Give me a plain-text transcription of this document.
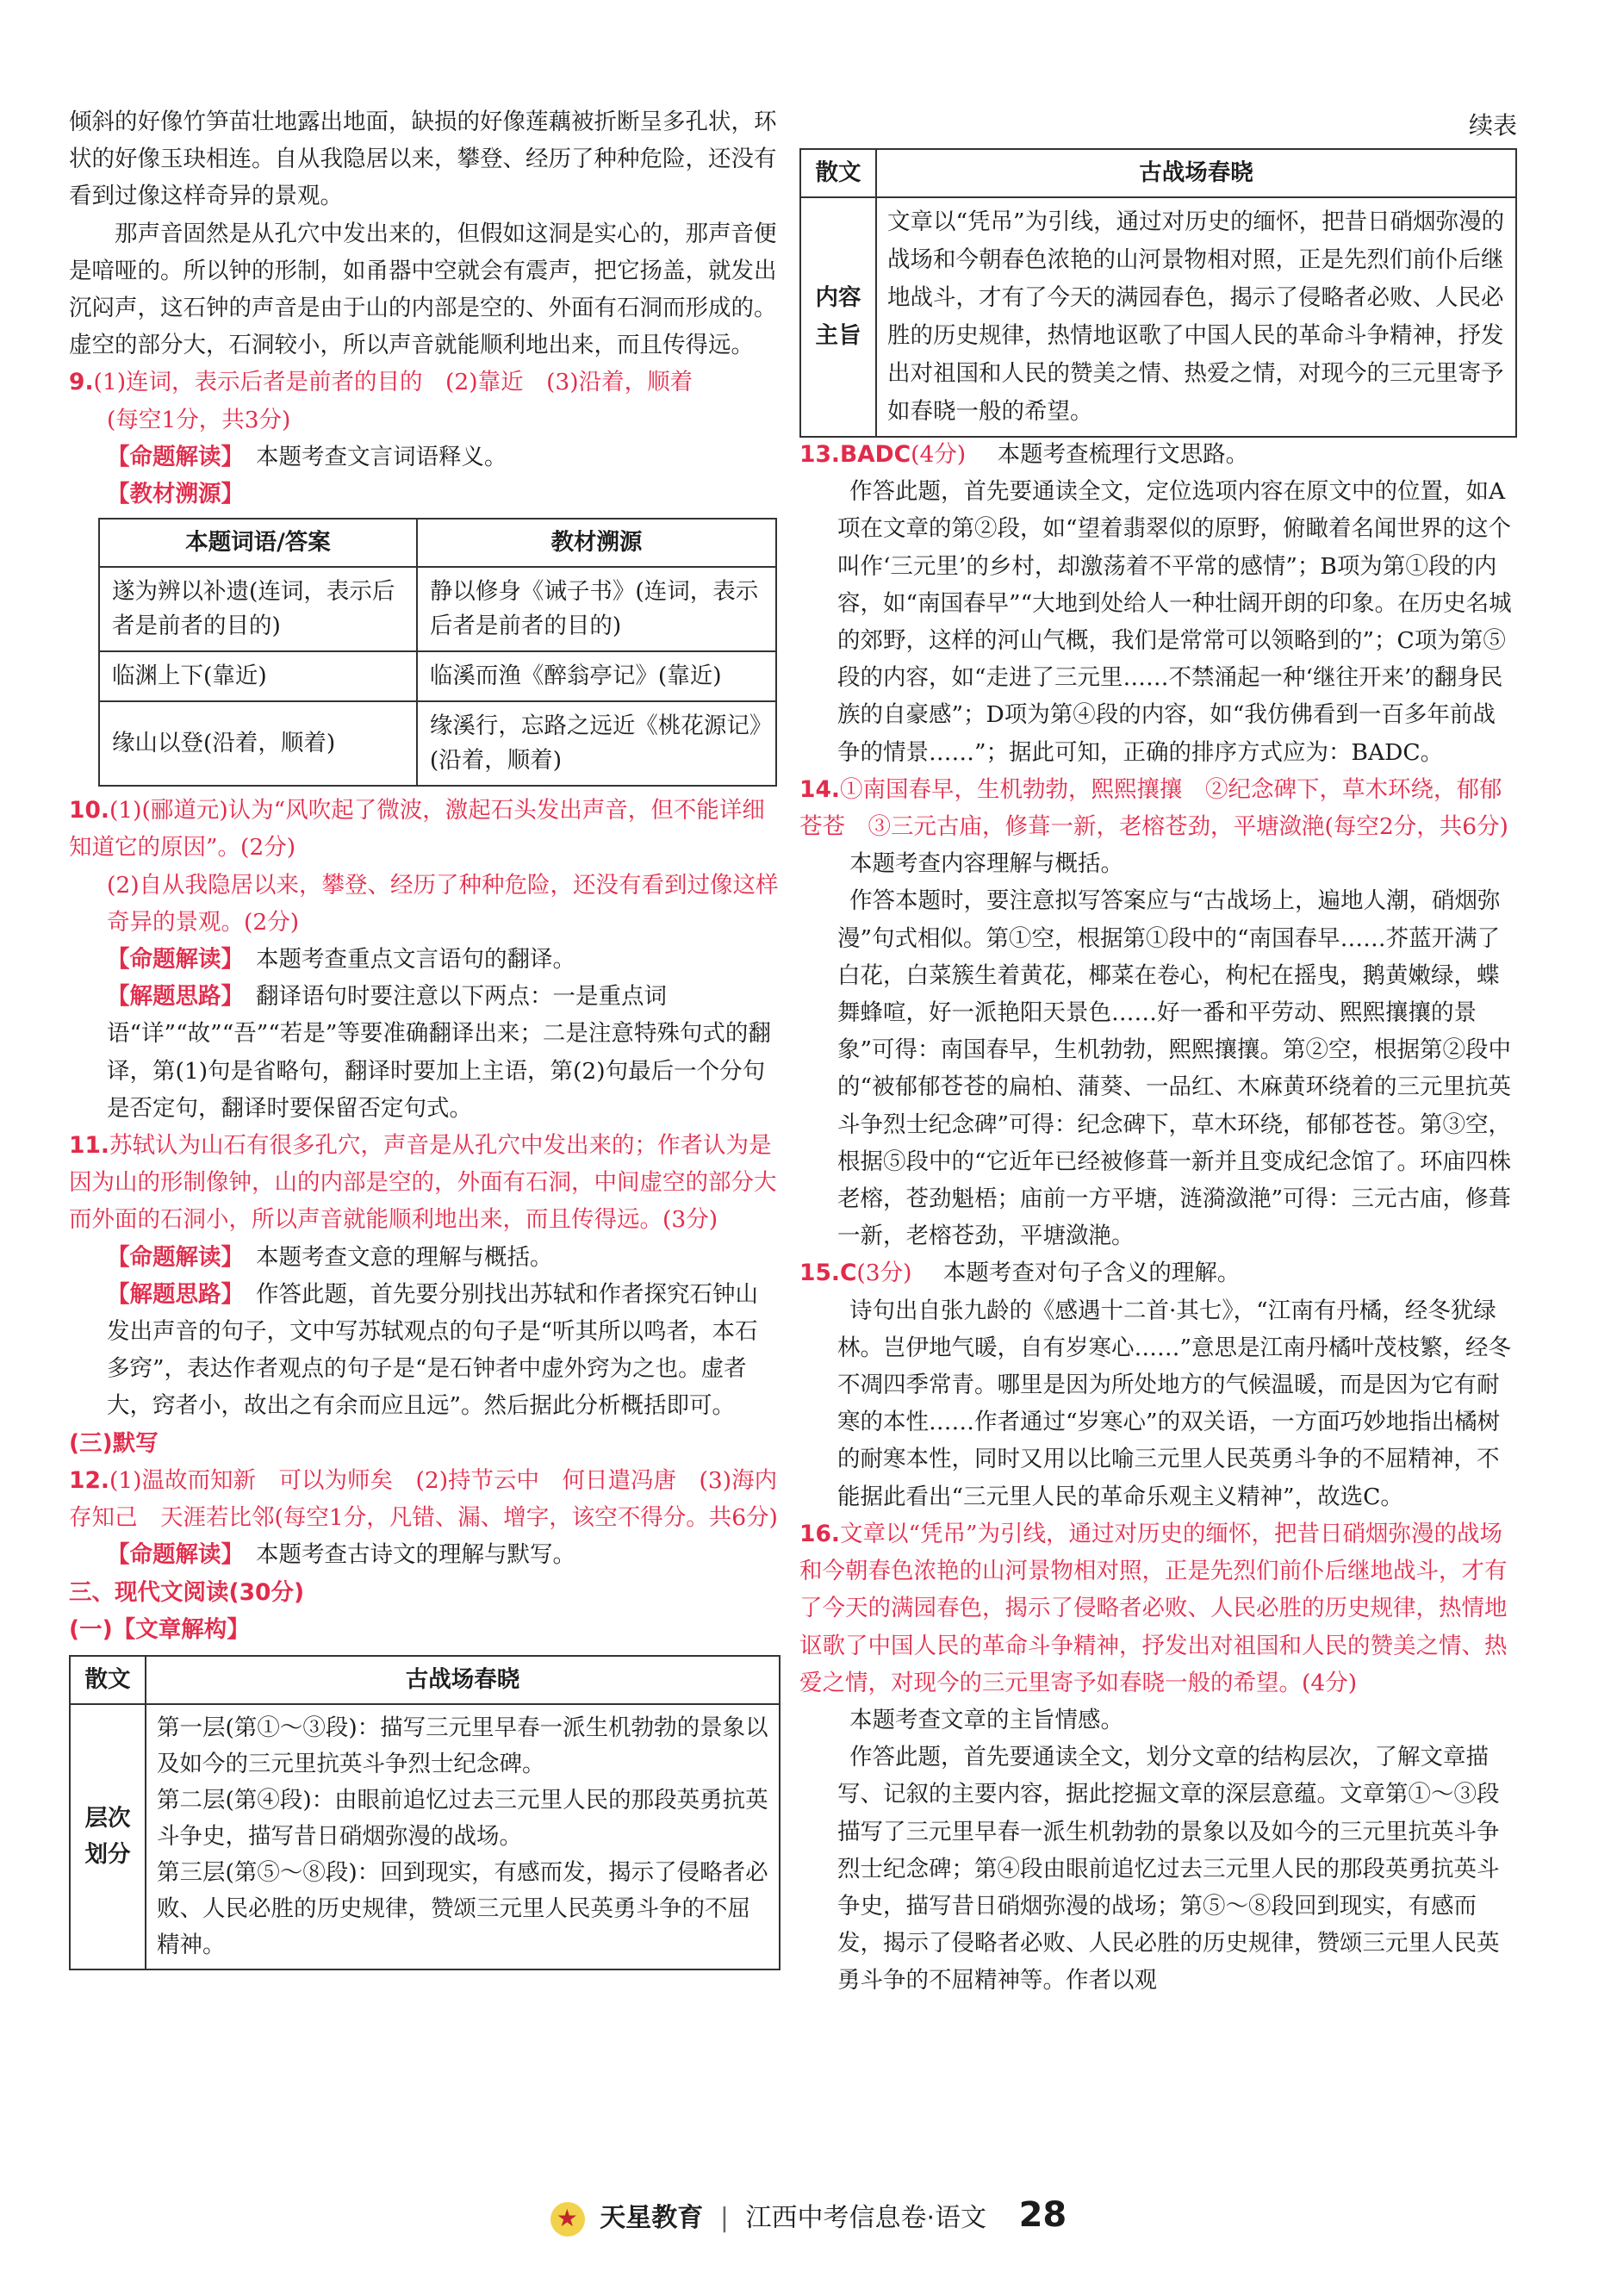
倾斜的好像竹笋苗壮地露出地面，缺损的好像莲藕被折断呈多孔状，环状的好像玉玦相连。自从我隐居以来，攀登、经历了种种危险，还没有看到过像这样奇异的景观。

那声音固然是从孔穴中发出来的，但假如这洞是实心的，那声音便是喑哑的。所以钟的形制，如甬器中空就会有震声，把它扬盖，就发出沉闷声，这石钟的声音是由于山的内部是空的、外面有石洞而形成的。虚空的部分大，石洞较小，所以声音就能顺利地出来，而且传得远。

9.(1)连词，表示后者是前者的目的　(2)靠近　(3)沿着，顺着
(每空1分，共3分)
【命题解读】 本题考查文言词语释义。
【教材溯源】
本题词语/答案	教材溯源
遂为辨以补遗(连词，表示后者是前者的目的)	静以修身《诫子书》(连词，表示后者是前者的目的)
临渊上下(靠近)	临溪而渔《醉翁亭记》(靠近)
缘山以登(沿着，顺着)	缘溪行，忘路之远近《桃花源记》(沿着，顺着)
10.(1)(郦道元)认为“风吹起了微波，激起石头发出声音，但不能详细知道它的原因”。(2分)
(2)自从我隐居以来，攀登、经历了种种危险，还没有看到过像这样奇异的景观。(2分)
【命题解读】 本题考查重点文言语句的翻译。
【解题思路】 翻译语句时要注意以下两点：一是重点词语“详”“故”“吾”“若是”等要准确翻译出来；二是注意特殊句式的翻译，第(1)句是省略句，翻译时要加上主语，第(2)句最后一个分句是否定句，翻译时要保留否定句式。
11.苏轼认为山石有很多孔穴，声音是从孔穴中发出来的；作者认为是因为山的形制像钟，山的内部是空的，外面有石洞，中间虚空的部分大而外面的石洞小，所以声音就能顺利地出来，而且传得远。(3分)
【命题解读】 本题考查文意的理解与概括。
【解题思路】 作答此题，首先要分别找出苏轼和作者探究石钟山发出声音的句子，文中写苏轼观点的句子是“听其所以鸣者，本石多窍”，表达作者观点的句子是“是石钟者中虚外窍为之也。虚者大，窍者小，故出之有余而应且远”。然后据此分析概括即可。
(三)默写
12.(1)温故而知新　可以为师矣　(2)持节云中　何日遣冯唐　(3)海内存知己　天涯若比邻(每空1分，凡错、漏、增字，该空不得分。共6分)
【命题解读】 本题考查古诗文的理解与默写。
三、现代文阅读(30分)
(一)【文章解构】
散文	古战场春晓
层次划分	第一层(第①～③段)：描写三元里早春一派生机勃勃的景象以及如今的三元里抗英斗争烈士纪念碑。
第二层(第④段)：由眼前追忆过去三元里人民的那段英勇抗英斗争史，描写昔日硝烟弥漫的战场。
第三层(第⑤～⑧段)：回到现实，有感而发，揭示了侵略者必败、人民必胜的历史规律，赞颂三元里人民英勇斗争的不屈精神。
续表
散文	古战场春晓
内容主旨	文章以“凭吊”为引线，通过对历史的缅怀，把昔日硝烟弥漫的战场和今朝春色浓艳的山河景物相对照，正是先烈们前仆后继地战斗，才有了今天的满园春色，揭示了侵略者必败、人民必胜的历史规律，热情地讴歌了中国人民的革命斗争精神，抒发出对祖国和人民的赞美之情、热爱之情，对现今的三元里寄予如春晓一般的希望。
13.BADC(4分) 本题考查梳理行文思路。
作答此题，首先要通读全文，定位选项内容在原文中的位置，如A项在文章的第②段，如“望着翡翠似的原野，俯瞰着名闻世界的这个叫作‘三元里’的乡村，却激荡着不平常的感情”；B项为第①段的内容，如“南国春早”“大地到处给人一种壮阔开朗的印象。在历史名城的郊野，这样的河山气概，我们是常常可以领略到的”；C项为第⑤段的内容，如“走进了三元里……不禁涌起一种‘继往开来’的翻身民族的自豪感”；D项为第④段的内容，如“我仿佛看到一百多年前战争的情景……”；据此可知，正确的排序方式应为：BADC。
14.①南国春早，生机勃勃，熙熙攘攘　②纪念碑下，草木环绕，郁郁苍苍　③三元古庙，修葺一新，老榕苍劲，平塘潋滟(每空2分，共6分)
本题考查内容理解与概括。
作答本题时，要注意拟写答案应与“古战场上，遍地人潮，硝烟弥漫”句式相似。第①空，根据第①段中的“南国春早……芥蓝开满了白花，白菜簇生着黄花，椰菜在卷心，枸杞在摇曳，鹅黄嫩绿，蝶舞蜂喧，好一派艳阳天景色……好一番和平劳动、熙熙攘攘的景象”可得：南国春早，生机勃勃，熙熙攘攘。第②空，根据第②段中的“被郁郁苍苍的扁柏、蒲葵、一品红、木麻黄环绕着的三元里抗英斗争烈士纪念碑”可得：纪念碑下，草木环绕，郁郁苍苍。第③空，根据⑤段中的“它近年已经被修葺一新并且变成纪念馆了。环庙四株老榕，苍劲魁梧；庙前一方平塘，涟漪潋滟”可得：三元古庙，修葺一新，老榕苍劲，平塘潋滟。
15.C(3分) 本题考查对句子含义的理解。
诗句出自张九龄的《感遇十二首·其七》，“江南有丹橘，经冬犹绿林。岂伊地气暖，自有岁寒心……”意思是江南丹橘叶茂枝繁，经冬不凋四季常青。哪里是因为所处地方的气候温暖，而是因为它有耐寒的本性……作者通过“岁寒心”的双关语，一方面巧妙地指出橘树的耐寒本性，同时又用以比喻三元里人民英勇斗争的不屈精神，不能据此看出“三元里人民的革命乐观主义精神”，故选C。
16.文章以“凭吊”为引线，通过对历史的缅怀，把昔日硝烟弥漫的战场和今朝春色浓艳的山河景物相对照，正是先烈们前仆后继地战斗，才有了今天的满园春色，揭示了侵略者必败、人民必胜的历史规律，热情地讴歌了中国人民的革命斗争精神，抒发出对祖国和人民的赞美之情、热爱之情，对现今的三元里寄予如春晓一般的希望。(4分)
本题考查文章的主旨情感。
作答此题，首先要通读全文，划分文章的结构层次，了解文章描写、记叙的主要内容，据此挖掘文章的深层意蕴。文章第①～③段描写了三元里早春一派生机勃勃的景象以及如今的三元里抗英斗争烈士纪念碑；第④段由眼前追忆过去三元里人民的那段英勇抗英斗争史，描写昔日硝烟弥漫的战场；第⑤～⑧段回到现实，有感而发，揭示了侵略者必败、人民必胜的历史规律，赞颂三元里人民英勇斗争的不屈精神等。作者以观
★ 天星教育 | 江西中考信息卷·语文 28
